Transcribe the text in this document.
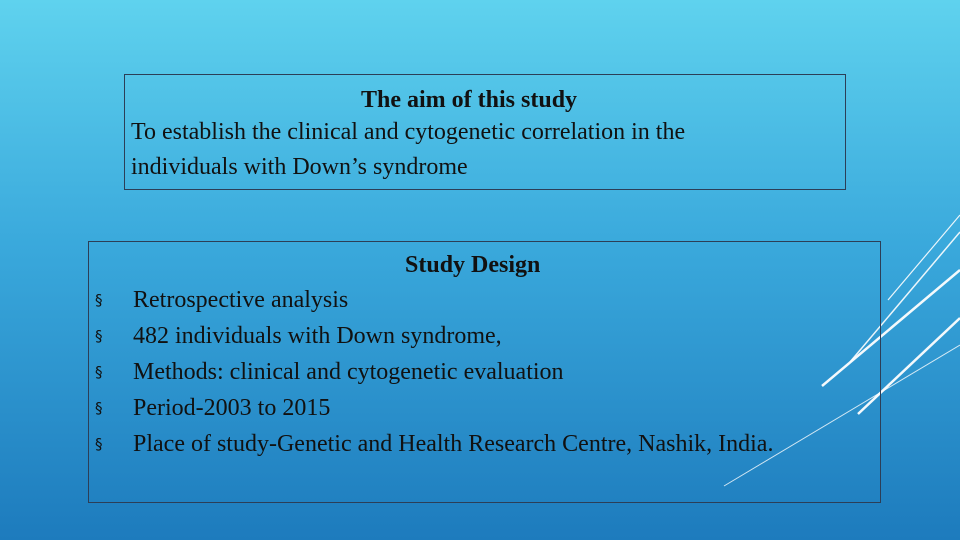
The aim of this study
To establish the clinical and cytogenetic correlation in the
individuals with Down’s syndrome
Study Design
§ Retrospective analysis
§ 482 individuals with Down syndrome,
§ Methods: clinical and cytogenetic evaluation
§ Period-2003 to 2015
§ Place of study-Genetic and Health Research Centre, Nashik, India.
